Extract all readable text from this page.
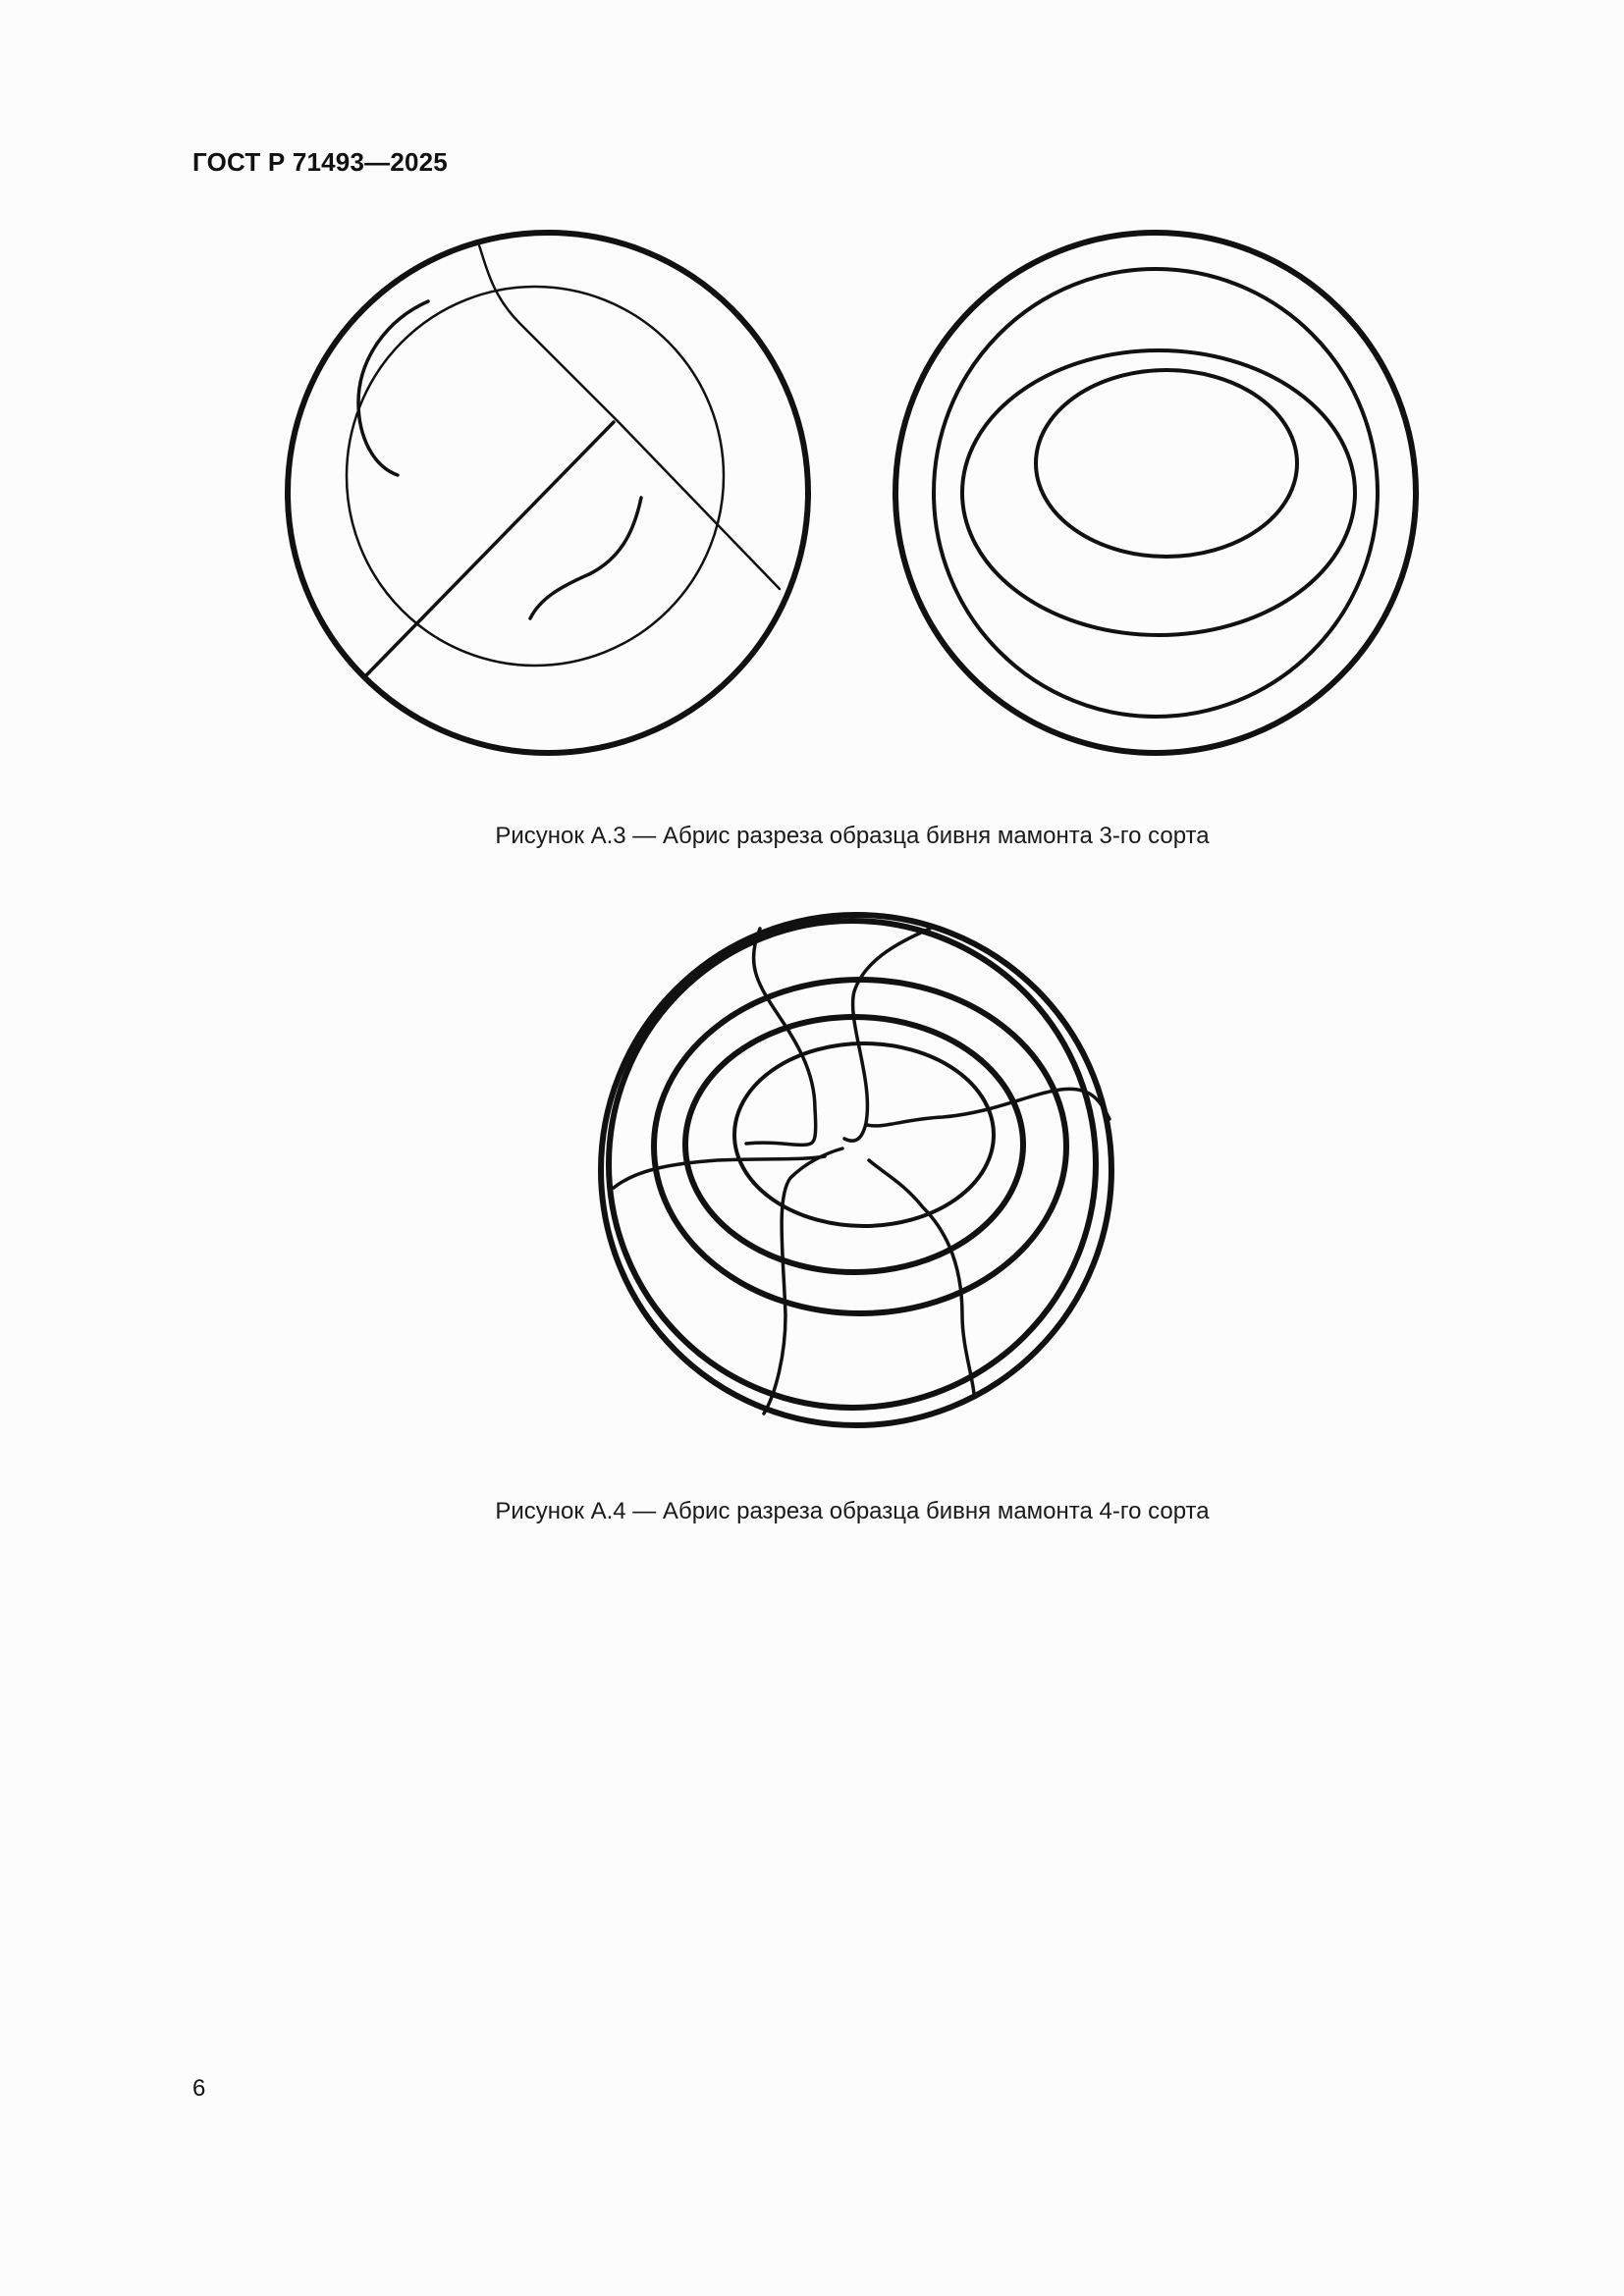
ГОСТ Р 71493—2025
Рисунок А.3 — Абрис разреза образца бивня мамонта 3-го сорта
Рисунок А.4 — Абрис разреза образца бивня мамонта 4-го сорта
6
